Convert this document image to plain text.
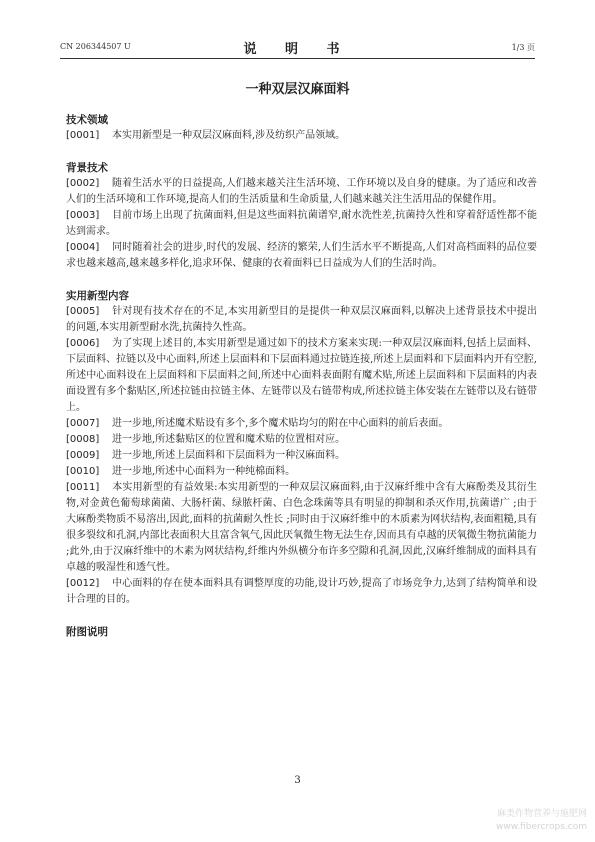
CN 206344507 U	说 明 书	1/3 页
一种双层汉麻面料
技术领域
[0001] 本实用新型是一种双层汉麻面料,涉及纺织产品领域。
背景技术
[0002] 随着生活水平的日益提高,人们越来越关注生活环境、工作环境以及自身的健康。为了适应和改善人们的生活环境和工作环境,提高人们的生活质量和生命质量,人们越来越关注生活用品的保健作用。
[0003] 目前市场上出现了抗菌面料,但是这些面料抗菌谱窄,耐水洗性差,抗菌持久性和穿着舒适性都不能达到需求。
[0004] 同时随着社会的进步,时代的发展、经济的繁荣,人们生活水平不断提高,人们对高档面料的品位要求也越来越高,越来越多样化,追求环保、健康的衣着面料已日益成为人们的生活时尚。
实用新型内容
[0005] 针对现有技术存在的不足,本实用新型目的是提供一种双层汉麻面料,以解决上述背景技术中提出的问题,本实用新型耐水洗,抗菌持久性高。
[0006] 为了实现上述目的,本实用新型是通过如下的技术方案来实现:一种双层汉麻面料,包括上层面料、下层面料、拉链以及中心面料,所述上层面料和下层面料通过拉链连接,所述上层面料和下层面料内开有空腔,所述中心面料设在上层面料和下层面料之间,所述中心面料表面附有魔术贴,所述上层面料和下层面料的内表面设置有多个黏贴区,所述拉链由拉链主体、左链带以及右链带构成,所述拉链主体安装在左链带以及右链带上。
[0007] 进一步地,所述魔术贴设有多个,多个魔术贴均匀的附在中心面料的前后表面。
[0008] 进一步地,所述黏贴区的位置和魔术贴的位置相对应。
[0009] 进一步地,所述上层面料和下层面料为一种汉麻面料。
[0010] 进一步地,所述中心面料为一种纯棉面料。
[0011] 本实用新型的有益效果:本实用新型的一种双层汉麻面料,由于汉麻纤维中含有大麻酚类及其衍生物,对金黄色葡萄球菌菌、大肠杆菌、绿脓杆菌、白色念珠菌等具有明显的抑制和杀灭作用,抗菌谱广 ;由于大麻酚类物质不易溶出,因此,面料的抗菌耐久性长 ;同时由于汉麻纤维中的木质素为网状结构,表面粗糙,具有很多裂纹和孔洞,内部比表面积大且富含氧气,因此厌氧微生物无法生存,因而具有卓越的厌氧微生物抗菌能力 ;此外,由于汉麻纤维中的木素为网状结构,纤维内外纵横分布许多空隙和孔洞,因此,汉麻纤维制成的面料具有卓越的吸湿性和透气性。
[0012] 中心面料的存在使本面料具有调整厚度的功能,设计巧妙,提高了市场竞争力,达到了结构简单和设计合理的目的。
附图说明
3
麻类作物营养与施肥网
www.fibercrops.com
